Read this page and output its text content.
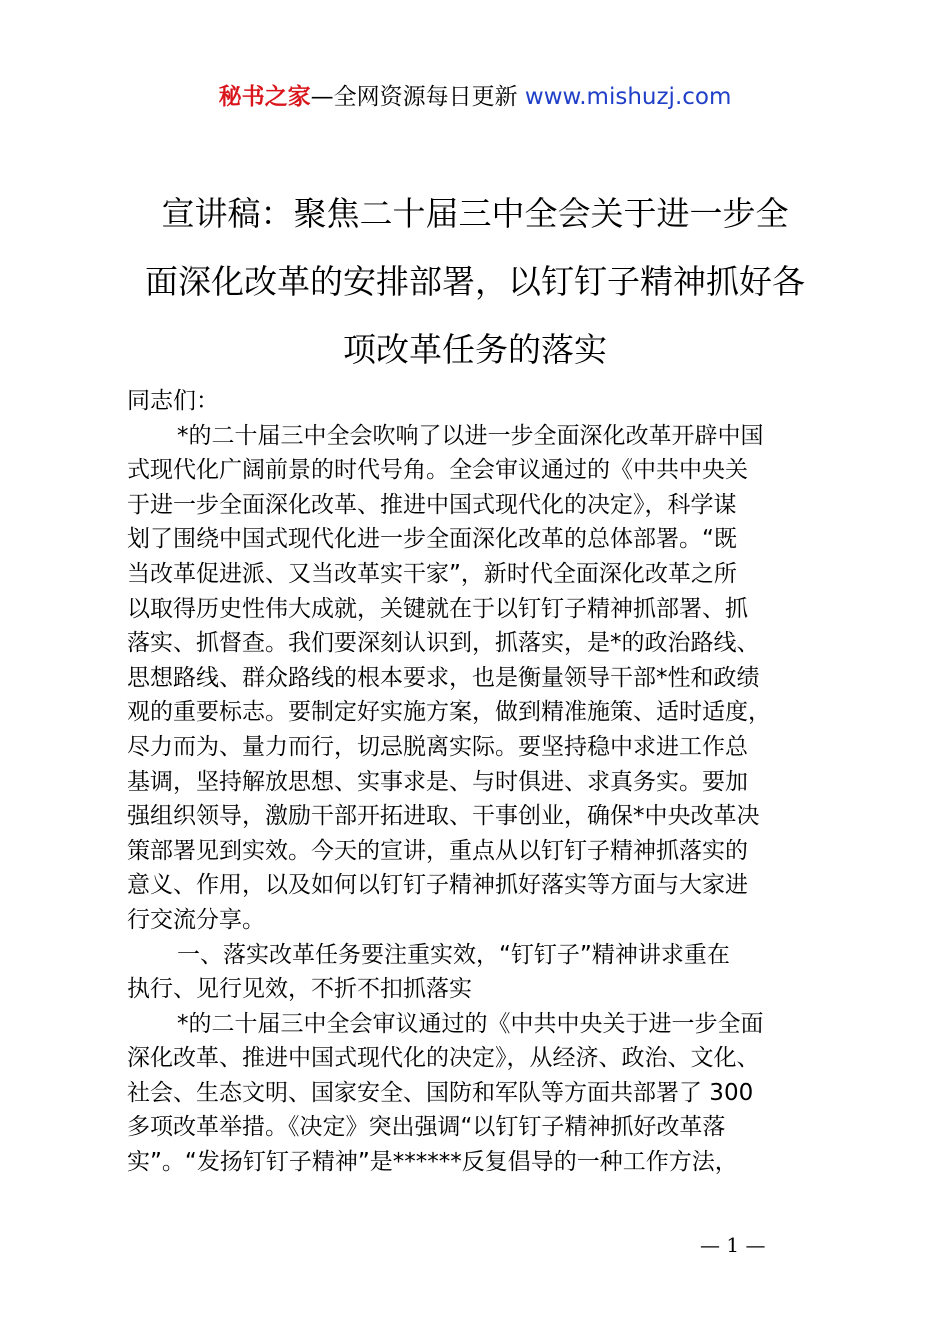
秘书之家—全网资源每日更新 www.mishuzj.com
宣讲稿：聚焦二十届三中全会关于进一步全
面深化改革的安排部署，以钉钉子精神抓好各
项改革任务的落实
同志们：
*的二十届三中全会吹响了以进一步全面深化改革开辟中国
式现代化广阔前景的时代号角。全会审议通过的《中共中央关
于进一步全面深化改革、推进中国式现代化的决定》，科学谋
划了围绕中国式现代化进一步全面深化改革的总体部署。“既
当改革促进派、又当改革实干家”，新时代全面深化改革之所
以取得历史性伟大成就，关键就在于以钉钉子精神抓部署、抓
落实、抓督查。我们要深刻认识到，抓落实，是*的政治路线、
思想路线、群众路线的根本要求，也是衡量领导干部*性和政绩
观的重要标志。要制定好实施方案，做到精准施策、适时适度，
尽力而为、量力而行，切忌脱离实际。要坚持稳中求进工作总
基调，坚持解放思想、实事求是、与时俱进、求真务实。要加
强组织领导，激励干部开拓进取、干事创业，确保*中央改革决
策部署见到实效。今天的宣讲，重点从以钉钉子精神抓落实的
意义、作用，以及如何以钉钉子精神抓好落实等方面与大家进
行交流分享。
一、落实改革任务要注重实效，“钉钉子”精神讲求重在
执行、见行见效，不折不扣抓落实
*的二十届三中全会审议通过的《中共中央关于进一步全面
深化改革、推进中国式现代化的决定》，从经济、政治、文化、
社会、生态文明、国家安全、国防和军队等方面共部署了 300
多项改革举措。《决定》突出强调“以钉钉子精神抓好改革落
实”。“发扬钉钉子精神”是******反复倡导的一种工作方法，
— 1 —
